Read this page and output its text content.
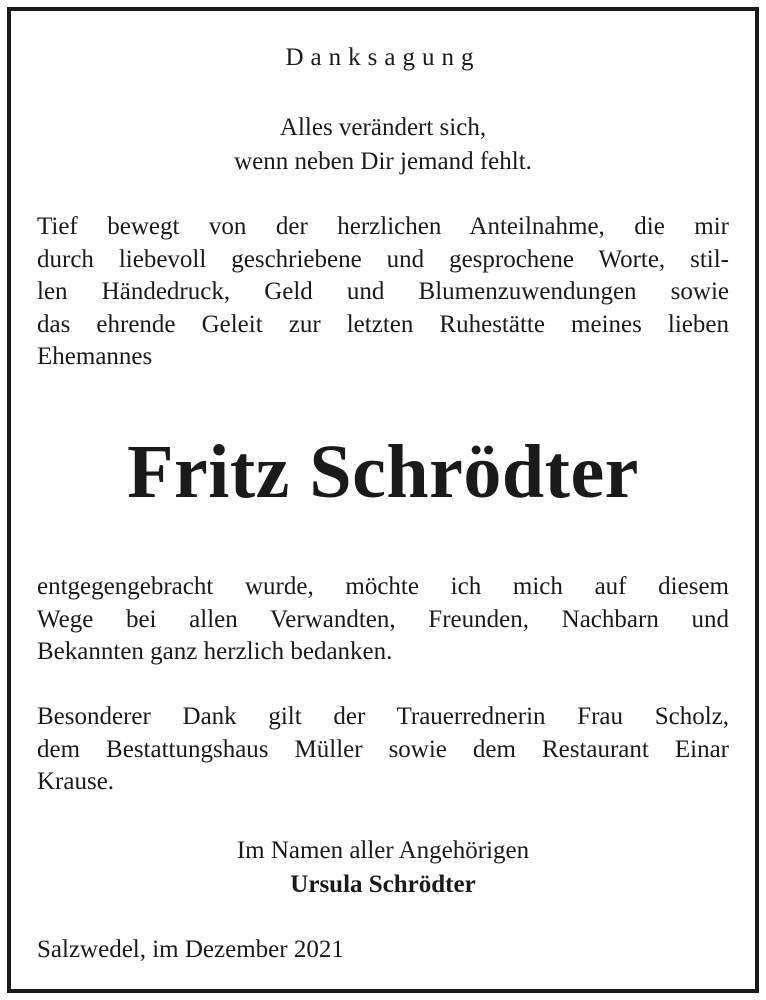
Danksagung
Alles verändert sich,
wenn neben Dir jemand fehlt.
Tief bewegt von der herzlichen Anteilnahme, die mir
durch liebevoll geschriebene und gesprochene Worte, stil-
len Händedruck, Geld und Blumenzuwendungen sowie
das ehrende Geleit zur letzten Ruhestätte meines lieben
Ehemannes
Fritz Schrödter
entgegengebracht wurde, möchte ich mich auf diesem
Wege bei allen Verwandten, Freunden, Nachbarn und
Bekannten ganz herzlich bedanken.
Besonderer Dank gilt der Trauerrednerin Frau Scholz,
dem Bestattungshaus Müller sowie dem Restaurant Einar
Krause.
Im Namen aller Angehörigen
Ursula Schrödter
Salzwedel, im Dezember 2021
